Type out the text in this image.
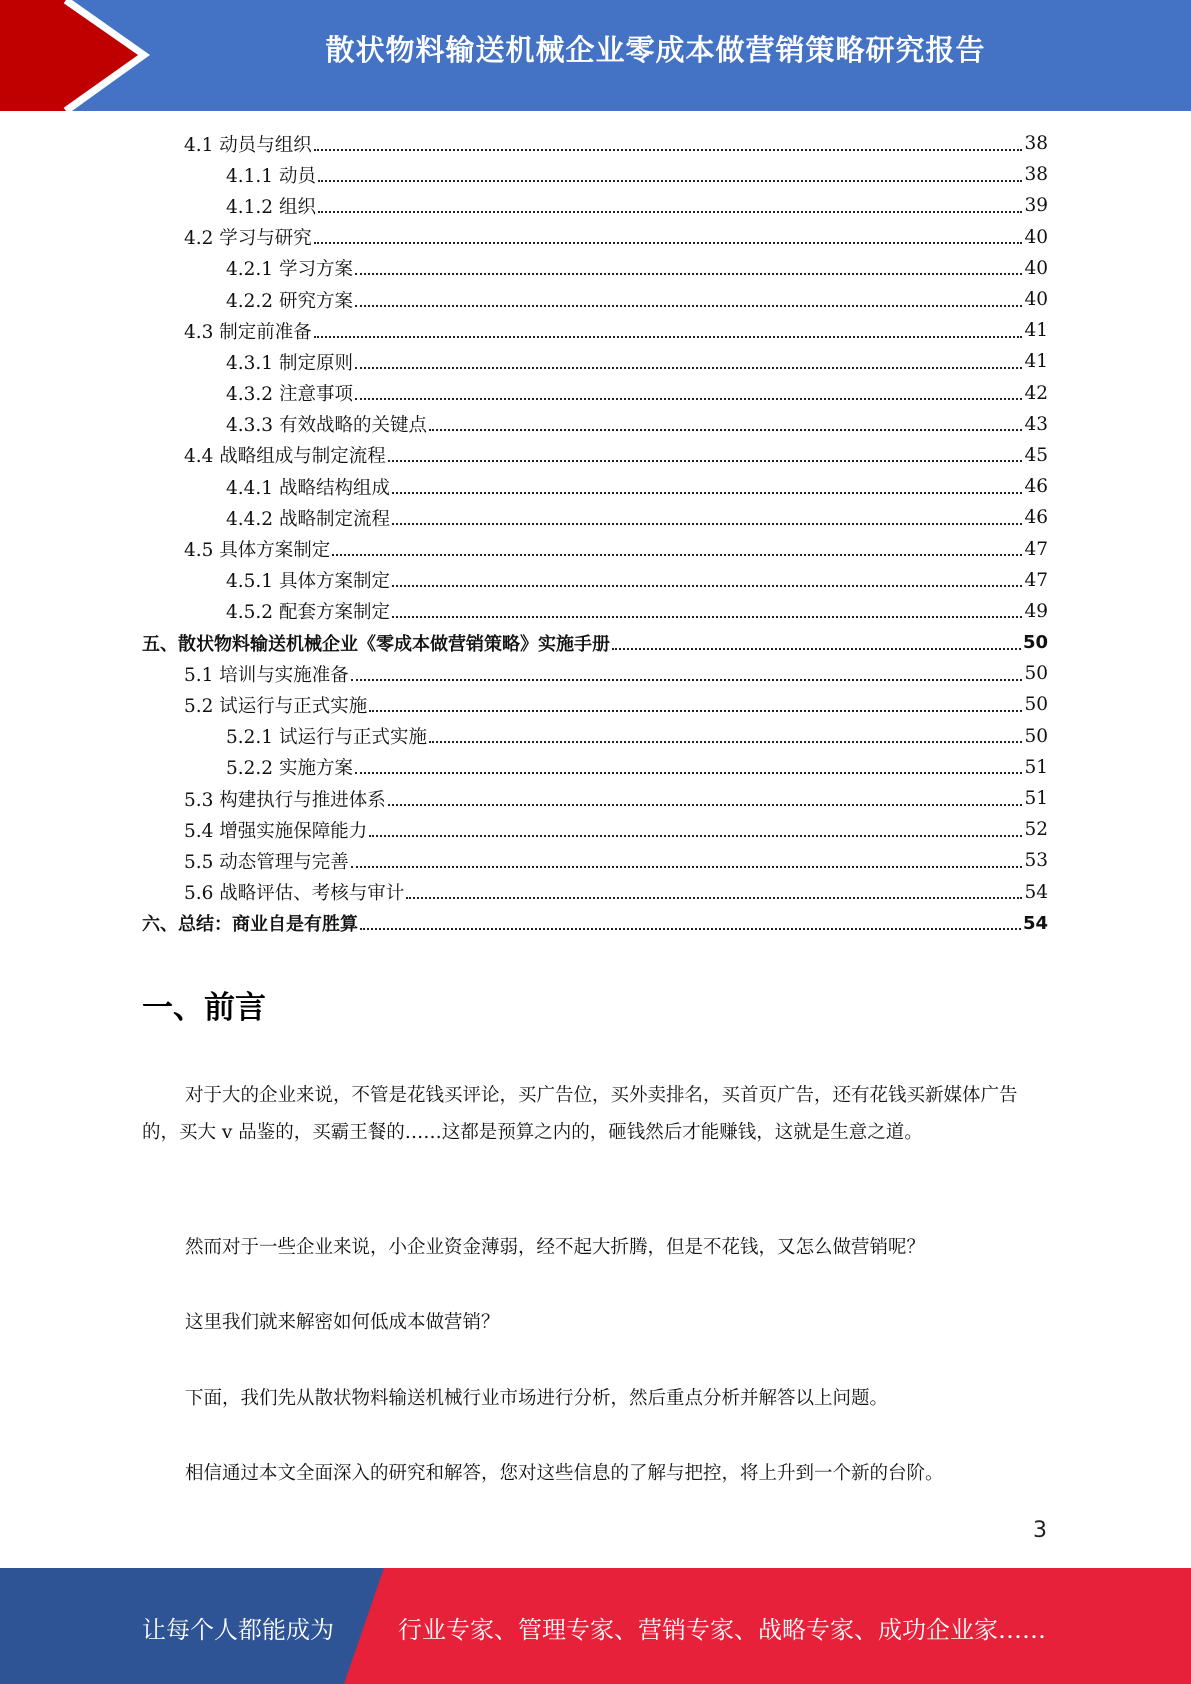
散状物料输送机械企业零成本做营销策略研究报告
4.1 动员与组织	38
4.1.1 动员	38
4.1.2 组织	39
4.2 学习与研究	40
4.2.1 学习方案	40
4.2.2 研究方案	40
4.3 制定前准备	41
4.3.1 制定原则	41
4.3.2 注意事项	42
4.3.3 有效战略的关键点	43
4.4 战略组成与制定流程	45
4.4.1 战略结构组成	46
4.4.2 战略制定流程	46
4.5 具体方案制定	47
4.5.1 具体方案制定	47
4.5.2 配套方案制定	49
五、散状物料输送机械企业《零成本做营销策略》实施手册	50
5.1 培训与实施准备	50
5.2 试运行与正式实施	50
5.2.1 试运行与正式实施	50
5.2.2 实施方案	51
5.3 构建执行与推进体系	51
5.4 增强实施保障能力	52
5.5 动态管理与完善	53
5.6 战略评估、考核与审计	54
六、总结：商业自是有胜算	54
一、前言

对于大的企业来说，不管是花钱买评论，买广告位，买外卖排名，买首页广告，还有花钱买新媒体广告的，买大 v 品鉴的，买霸王餐的……这都是预算之内的，砸钱然后才能赚钱，这就是生意之道。

然而对于一些企业来说，小企业资金薄弱，经不起大折腾，但是不花钱，又怎么做营销呢？

这里我们就来解密如何低成本做营销？

下面，我们先从散状物料输送机械行业市场进行分析，然后重点分析并解答以上问题。

相信通过本文全面深入的研究和解答，您对这些信息的了解与把控，将上升到一个新的台阶。

3
让每个人都能成为	行业专家、管理专家、营销专家、战略专家、成功企业家……
